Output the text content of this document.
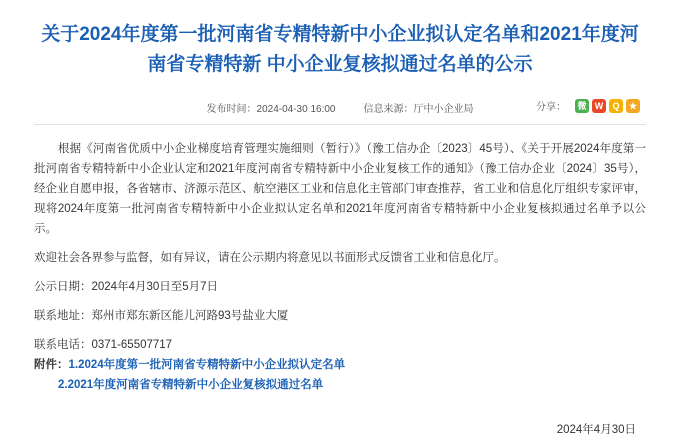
关于2024年度第一批河南省专精特新中小企业拟认定名单和2021年度河南省专精特新 中小企业复核拟通过名单的公示
发布时间：2024-04-30 16:00	信息来源：厅中小企业局	分享： 微 W	Q	★

根据《河南省优质中小企业梯度培育管理实施细则（暂行）》（豫工信办企〔2023〕45号）、《关于开展2024年度第一批河南省专精特新中小企业认定和2021年度河南省专精特新中小企业复核工作的通知》（豫工信办企业〔2024〕35号），经企业自愿申报，各省辖市、济源示范区、航空港区工业和信息化主管部门审查推荐，省工业和信息化厅组织专家评审，现将2024年度第一批河南省专精特新中小企业拟认定名单和2021年度河南省专精特新中小企业复核拟通过名单予以公示。

欢迎社会各界参与监督，如有异议，请在公示期内将意见以书面形式反馈省工业和信息化厅。

公示日期：2024年4月30日至5月7日

联系地址：郑州市郑东新区能儿河路93号盐业大厦

联系电话：0371-65507717

附件：1.2024年度第一批河南省专精特新中小企业拟认定名单
2.2021年度河南省专精特新中小企业复核拟通过名单
2024年4月30日
